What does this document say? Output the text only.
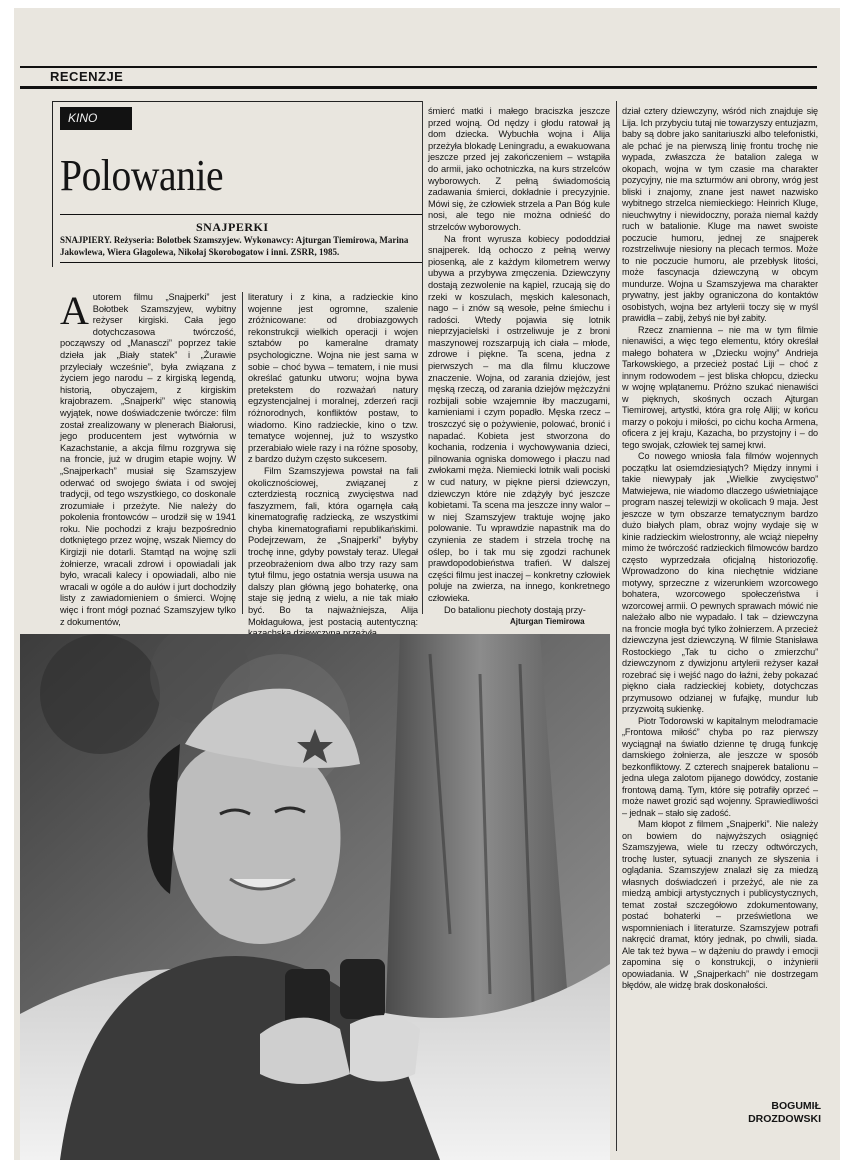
RECENZJE
KINO
Polowanie
SNAJPERKI
SNAJPIERY. Reżyseria: Bolotbek Szamszyjew. Wykonawcy: Ajturgan Tiemirowa, Marina Jakowlewa, Wiera Głagolewa, Nikołaj Skorobogatow i inni. ZSRR, 1985.
A utorem filmu „Snajperki” jest Bołotbek Szamszyjew, wybitny reżyser kirgiski. Cała jego dotychczasowa twórczość, począwszy od „Manasczi” poprzez takie dzieła jak „Biały statek” i „Żurawie przyleciały wcześnie”, była związana z życiem jego narodu – z kirgiską legendą, historią, obyczajem, z kirgiskim krajobrazem. „Snajperki” więc stanowią wyjątek, nowe doświadczenie twórcze: film został zrealizowany w plenerach Białorusi, jego producentem jest wytwórnia w Kazachstanie, a akcja filmu rozgrywa się na froncie, już w drugim etapie wojny. W „Snajperkach” musiał się Szamszyjew oderwać od swojego świata i od swojej tradycji, od tego wszystkiego, co doskonale zrozumiałe i przeżyte. Nie należy do pokolenia frontowców – urodził się w 1941 roku. Nie pochodzi z kraju bezpośrednio dotkniętego przez wojnę, wszak Niemcy do Kirgizji nie dotarli. Stamtąd na wojnę szli żołnierze, wracali zdrowi i opowiadali jak było, wracali kalecy i opowiadali, albo nie wracali w ogóle a do aułów i jurt dochodziły listy z zawiadomieniem o śmierci. Wojnę więc i front mógł poznać Szamszyjew tylko z dokumentów,

literatury i z kina, a radzieckie kino wojenne jest ogromne, szalenie zróżnicowane: od drobiazgowych rekonstrukcji wielkich operacji i wojen sztabów po kameralne dramaty psychologiczne. Wojna nie jest sama w sobie – choć bywa – tematem, i nie musi określać gatunku utworu; wojna bywa pretekstem do rozważań natury egzystencjalnej i moralnej, zderzeń racji różnorodnych, konfliktów postaw, to wiadomo. Kino radzieckie, kino o tzw. tematyce wojennej, już to wszystko przerabiało wiele razy i na różne sposoby, z bardzo dużym często sukcesem.

Film Szamszyjewa powstał na fali okolicznościowej, związanej z czterdziestą rocznicą zwycięstwa nad faszyzmem, fali, która ogarnęła całą kinematografię radziecką, ze wszystkimi chyba kinematografiami republikańskimi. Podejrzewam, że „Snajperki” byłyby trochę inne, gdyby powstały teraz. Ulegał przeobrażeniom dwa albo trzy razy sam tytuł filmu, jego ostatnia wersja usuwa na dalszy plan główną jego bohaterkę, ona staje się jedną z wielu, a nie tak miało być. Bo ta najważniejsza, Alija Mołdagułowa, jest postacią autentyczną:

śmierć matki i małego braciszka jeszcze przed wojną. Od nędzy i głodu ratował ją dom dziecka. Wybuchła wojna i Alija przeżyła blokadę Leningradu, a ewakuowana jeszcze przed jej zakończeniem – wstąpiła do armii, jako ochotniczka, na kurs strzelców wyborowych. Z pełną świadomością zadawania śmierci, dokładnie i precyzyjnie. Mówi się, że człowiek strzela a Pan Bóg kule nosi, ale tego nie można odnieść do strzelców wyborowych.

Na front wyrusza kobiecy pododdział snajperek. Idą ochoczo z pełną werwy piosenką, ale z każdym kilometrem werwy ubywa a przybywa zmęczenia. Dziewczyny dostają zezwolenie na kąpiel, rzucają się do rzeki w koszulach, męskich kalesonach, nago – i znów są wesołe, pełne śmiechu i radości. Wtedy pojawia się lotnik nieprzyjacielski i ostrzeliwuje je z broni maszynowej rozszarpują ich ciała – młode, zdrowe i piękne. Ta scena, jedna z pierwszych – ma dla filmu kluczowe znaczenie. Wojna, od zarania dziejów, jest męską rzeczą, od zarania dziejów mężczyźni rozbijali sobie wzajemnie łby maczugami, kamieniami i czym popadło. Męska rzecz – troszczyć się o pożywienie, polować, bronić i napadać. Kobieta jest stworzona do kochania, rodzenia i wychowywania dzieci, pilnowania ogniska domowego i płaczu nad zwłokami męża. Niemiecki lotnik wali pociski w cud natury, w piękne piersi dziewczyn, dziewczyn które nie zdążyły być jeszcze kobietami. Ta scena ma jeszcze inny walor – w niej Szamszyjew traktuje wojnę jako polowanie. Tu wprawdzie napastnik ma do czynienia ze stadem i strzela trochę na oślep, bo i tak mu się zgodzi rachunek prawdopodobieństwa trafień. W dalszej części filmu jest inaczej – konkretny człowiek poluje na zwierza, na innego, konkretnego człowieka.

Do batalionu piechoty dostają przy-

dział cztery dziewczyny, wśród nich znajduje się Lija. Ich przybyciu tutaj nie towarzyszy entuzjazm, baby są dobre jako sanitariuszki albo telefonistki, ale pchać je na pierwszą linię frontu trochę nie wypada, zwłaszcza że batalion zalega w okopach, wojna w tym czasie ma charakter pozycyjny, nie ma szturmów ani obrony, wróg jest bliski i znajomy, znane jest nawet nazwisko wybitnego strzelca niemieckiego: Heinrich Kluge, nieuchwytny i niewidoczny, poraża niemal każdy ruch w batalionie. Kluge ma nawet swoiste poczucie humoru, jednej ze snajperek rozstrzeliwuje niesiony na plecach termos. Może to nie poczucie humoru, ale przebłysk litości, może fascynacja dziewczyną w obcym mundurze. Wojna u Szamszyjewa ma charakter prywatny, jest jakby ograniczona do kontaktów osobistych, wojna bez artylerii toczy się w myśl prawidła – zabij, żebyś nie był zabity.

Rzecz znamienna – nie ma w tym filmie nienawiści, a więc tego elementu, który określał małego bohatera w „Dziecku wojny” Andrieja Tarkowskiego, a przecież postać Liji – choć z innym rodowodem – jest bliska chłopcu, dziecku w wojnę wplątanemu. Próżno szukać nienawiści w pięknych, skośnych oczach Ajturgan Tiemirowej, artystki, która gra rolę Aliji; w końcu marzy o pokoju i miłości, po cichu kocha Armena, oficera z jej kraju, Kazacha, bo przystojny i – do tego swojak, człowiek tej samej krwi.

Co nowego wniosła fala filmów wojennych początku lat osiemdziesiątych? Między innymi i takie niewypały jak „Wielkie zwycięstwo” Matwiejewa, nie wiadomo dlaczego uświetniające program naszej telewizji w okolicach 9 maja. Jest jeszcze w tym obszarze tematycznym bardzo dużo białych plam, obraz wojny wydaje się w kinie radzieckim wielostronny, ale wciąż niepełny mimo że twórczość radzieckich filmowców bardzo często wyprzedzała oficjalną historiozofię. Wprowadzono do kina niechętnie widziane motywy, sprzeczne z wizerunkiem wzorcowego bohatera, wzorcowego społeczeństwa i wzorcowej armii. O pewnych sprawach mówić nie należało albo nie wypadało. I tak – dziewczyna na froncie mogła być tylko żołnierzem. A przecież dziewczyna jest dziewczyną. W filmie Stanisława Rostockiego „Tak tu cicho o zmierzchu” dziewczynom z dywizjonu artylerii reżyser kazał rozebrać się i wejść nago do łaźni, żeby pokazać piękno ciała radzieckiej kobiety, dotychczas przymusowo odzianej w fufajkę, mundur lub przyzwoitą sukienkę.

Piotr Todorowski w kapitalnym melodramacie „Frontowa miłość” chyba po raz pierwszy wyciągnął na światło dzienne tę drugą funkcję damskiego żołnierza, ale jeszcze w sposób bezkonfliktowy. Z czterech snajperek batalionu – jedna ulega zalotom pijanego dowódcy, zostanie frontową damą. Tym, które się potrafiły oprzeć – może nawet grozić sąd wojenny. Sprawiedliwości – jednak – stało się zadość.

Mam kłopot z filmem „Snajperki”. Nie należy on bowiem do najwyższych osiągnięć Szamszyjewa, wiele tu rzeczy odtwórczych, trochę luster, sytuacji znanych ze słyszenia i oglądania. Szamszyjew znalazł się za miedzą własnych doświadczeń i przeżyć, ale nie za miedzą ambicji artystycznych i publicystycznych, temat został szczegółowo zdokumentowany, postać bohaterki – prześwietlona we wspomnieniach i literaturze. Szamszyjew potrafi nakręcić dramat, który jednak, po chwili, siada. Ale tak też bywa – w dążeniu do prawdy i emocji zapomina się o konstrukcji, o inżynierii opowiadania. W „Snajperkach” nie dostrzegam błędów, ale widzę brak doskonałości.

Ajturgan Tiemirowa
BOGUMIŁ
DROZDOWSKI
